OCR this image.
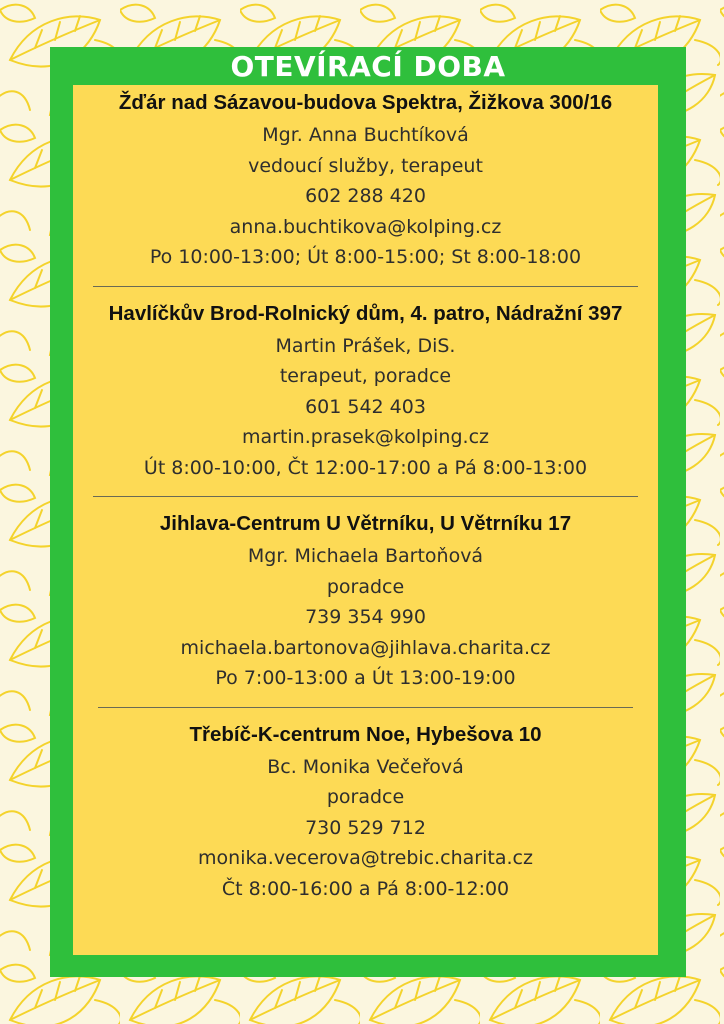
OTEVÍRACÍ DOBA
Žďár nad Sázavou-budova Spektra, Žižkova 300/16
Mgr. Anna Buchtíková
vedoucí služby, terapeut
602 288 420
anna.buchtikova@kolping.cz
Po 10:00-13:00; Út 8:00-15:00; St 8:00-18:00
Havlíčkův Brod-Rolnický dům, 4. patro, Nádražní 397
Martin Prášek, DiS.
terapeut, poradce
601 542 403
martin.prasek@kolping.cz
Út 8:00-10:00, Čt 12:00-17:00 a Pá 8:00-13:00
Jihlava-Centrum U Větrníku, U Větrníku 17
Mgr. Michaela Bartoňová
poradce
739 354 990
michaela.bartonova@jihlava.charita.cz
Po 7:00-13:00 a Út 13:00-19:00
Třebíč-K-centrum Noe, Hybešova 10
Bc. Monika Večeřová
poradce
730 529 712
monika.vecerova@trebic.charita.cz
Čt 8:00-16:00 a Pá 8:00-12:00
